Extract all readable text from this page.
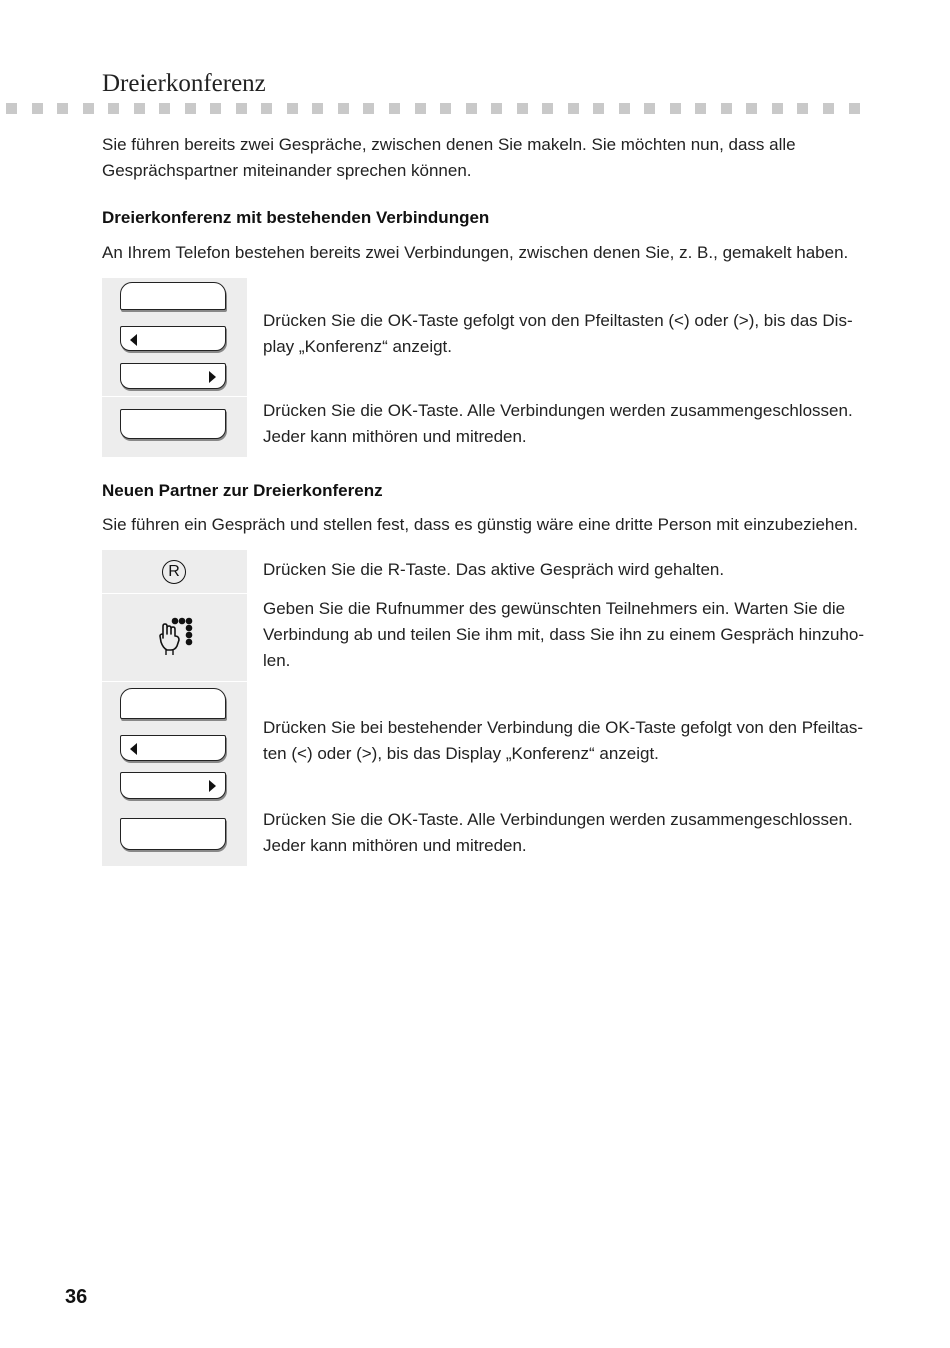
Dreierkonferenz
Sie führen bereits zwei Gespräche, zwischen denen Sie makeln. Sie möchten nun, dass alle Gesprächspartner miteinander sprechen können.
Dreierkonferenz mit bestehenden Verbindungen
An Ihrem Telefon bestehen bereits zwei Verbindungen, zwischen denen Sie, z. B., gemakelt haben.
Drücken Sie die OK-Taste gefolgt von den Pfeiltasten (<) oder (>), bis das Dis-play „Konferenz“ anzeigt.
Drücken Sie die OK-Taste. Alle Verbindungen werden zusammengeschlossen. Jeder kann mithören und mitreden.
Neuen Partner zur Dreierkonferenz
Sie führen ein Gespräch und stellen fest, dass es günstig wäre eine dritte Person mit einzubeziehen.
R	Drücken Sie die R-Taste. Das aktive Gespräch wird gehalten.
Geben Sie die Rufnummer des gewünschten Teilnehmers ein. Warten Sie die Verbindung ab und teilen Sie ihm mit, dass Sie ihn zu einem Gespräch hinzuho-len.
Drücken Sie bei bestehender Verbindung die OK-Taste gefolgt von den Pfeiltas-ten (<) oder (>), bis das Display „Konferenz“ anzeigt.
Drücken Sie die OK-Taste. Alle Verbindungen werden zusammengeschlossen. Jeder kann mithören und mitreden.
36
